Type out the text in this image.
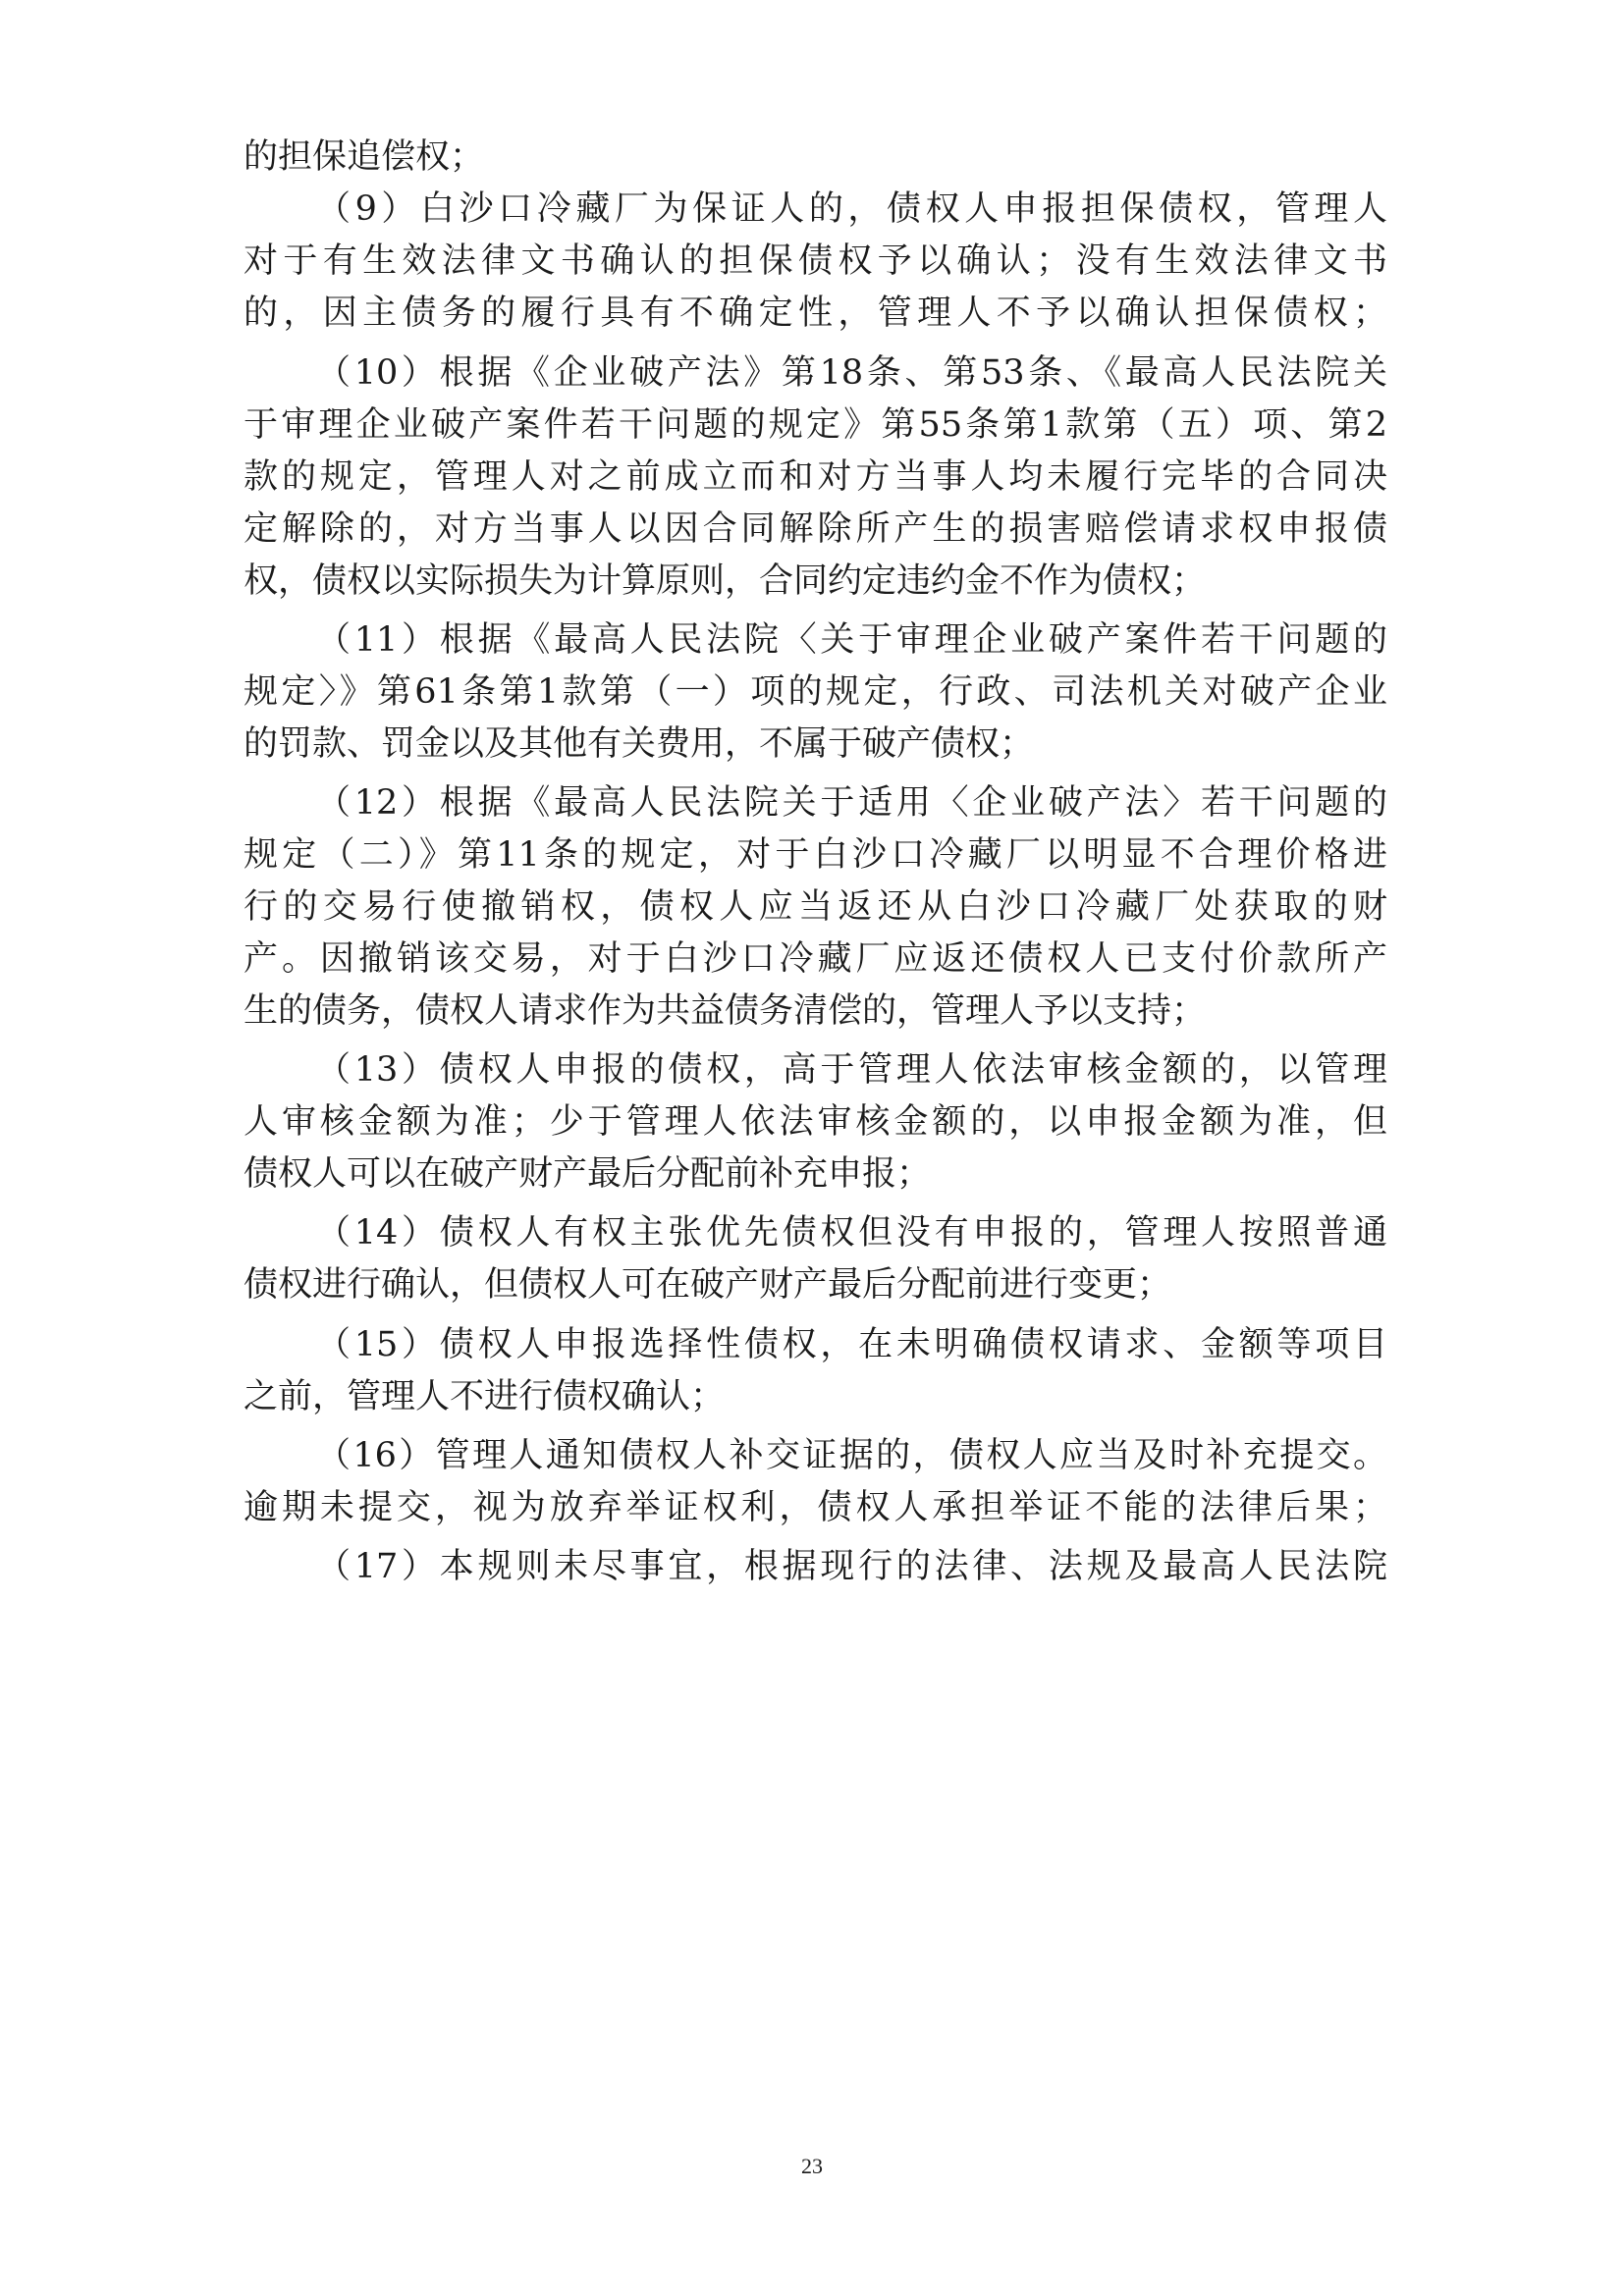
的担保追偿权；
（9）白沙口冷藏厂为保证人的，债权人申报担保债权，管理人
对于有生效法律文书确认的担保债权予以确认；没有生效法律文书
的，因主债务的履行具有不确定性，管理人不予以确认担保债权；
（10）根据《企业破产法》第18条、第53条、《最高人民法院关
于审理企业破产案件若干问题的规定》第55条第1款第（五）项、第2
款的规定，管理人对之前成立而和对方当事人均未履行完毕的合同决
定解除的，对方当事人以因合同解除所产生的损害赔偿请求权申报债
权，债权以实际损失为计算原则，合同约定违约金不作为债权；
（11）根据《最高人民法院〈关于审理企业破产案件若干问题的
规定〉》第61条第1款第（一）项的规定，行政、司法机关对破产企业
的罚款、罚金以及其他有关费用，不属于破产债权；
（12）根据《最高人民法院关于适用〈企业破产法〉若干问题的
规定（二）》第11条的规定，对于白沙口冷藏厂以明显不合理价格进
行的交易行使撤销权，债权人应当返还从白沙口冷藏厂处获取的财
产。因撤销该交易，对于白沙口冷藏厂应返还债权人已支付价款所产
生的债务，债权人请求作为共益债务清偿的，管理人予以支持；
（13）债权人申报的债权，高于管理人依法审核金额的，以管理
人审核金额为准；少于管理人依法审核金额的，以申报金额为准，但
债权人可以在破产财产最后分配前补充申报；
（14）债权人有权主张优先债权但没有申报的，管理人按照普通
债权进行确认，但债权人可在破产财产最后分配前进行变更；
（15）债权人申报选择性债权，在未明确债权请求、金额等项目
之前，管理人不进行债权确认；
（16）管理人通知债权人补交证据的，债权人应当及时补充提交。
逾期未提交，视为放弃举证权利，债权人承担举证不能的法律后果；
（17）本规则未尽事宜，根据现行的法律、法规及最高人民法院
23
